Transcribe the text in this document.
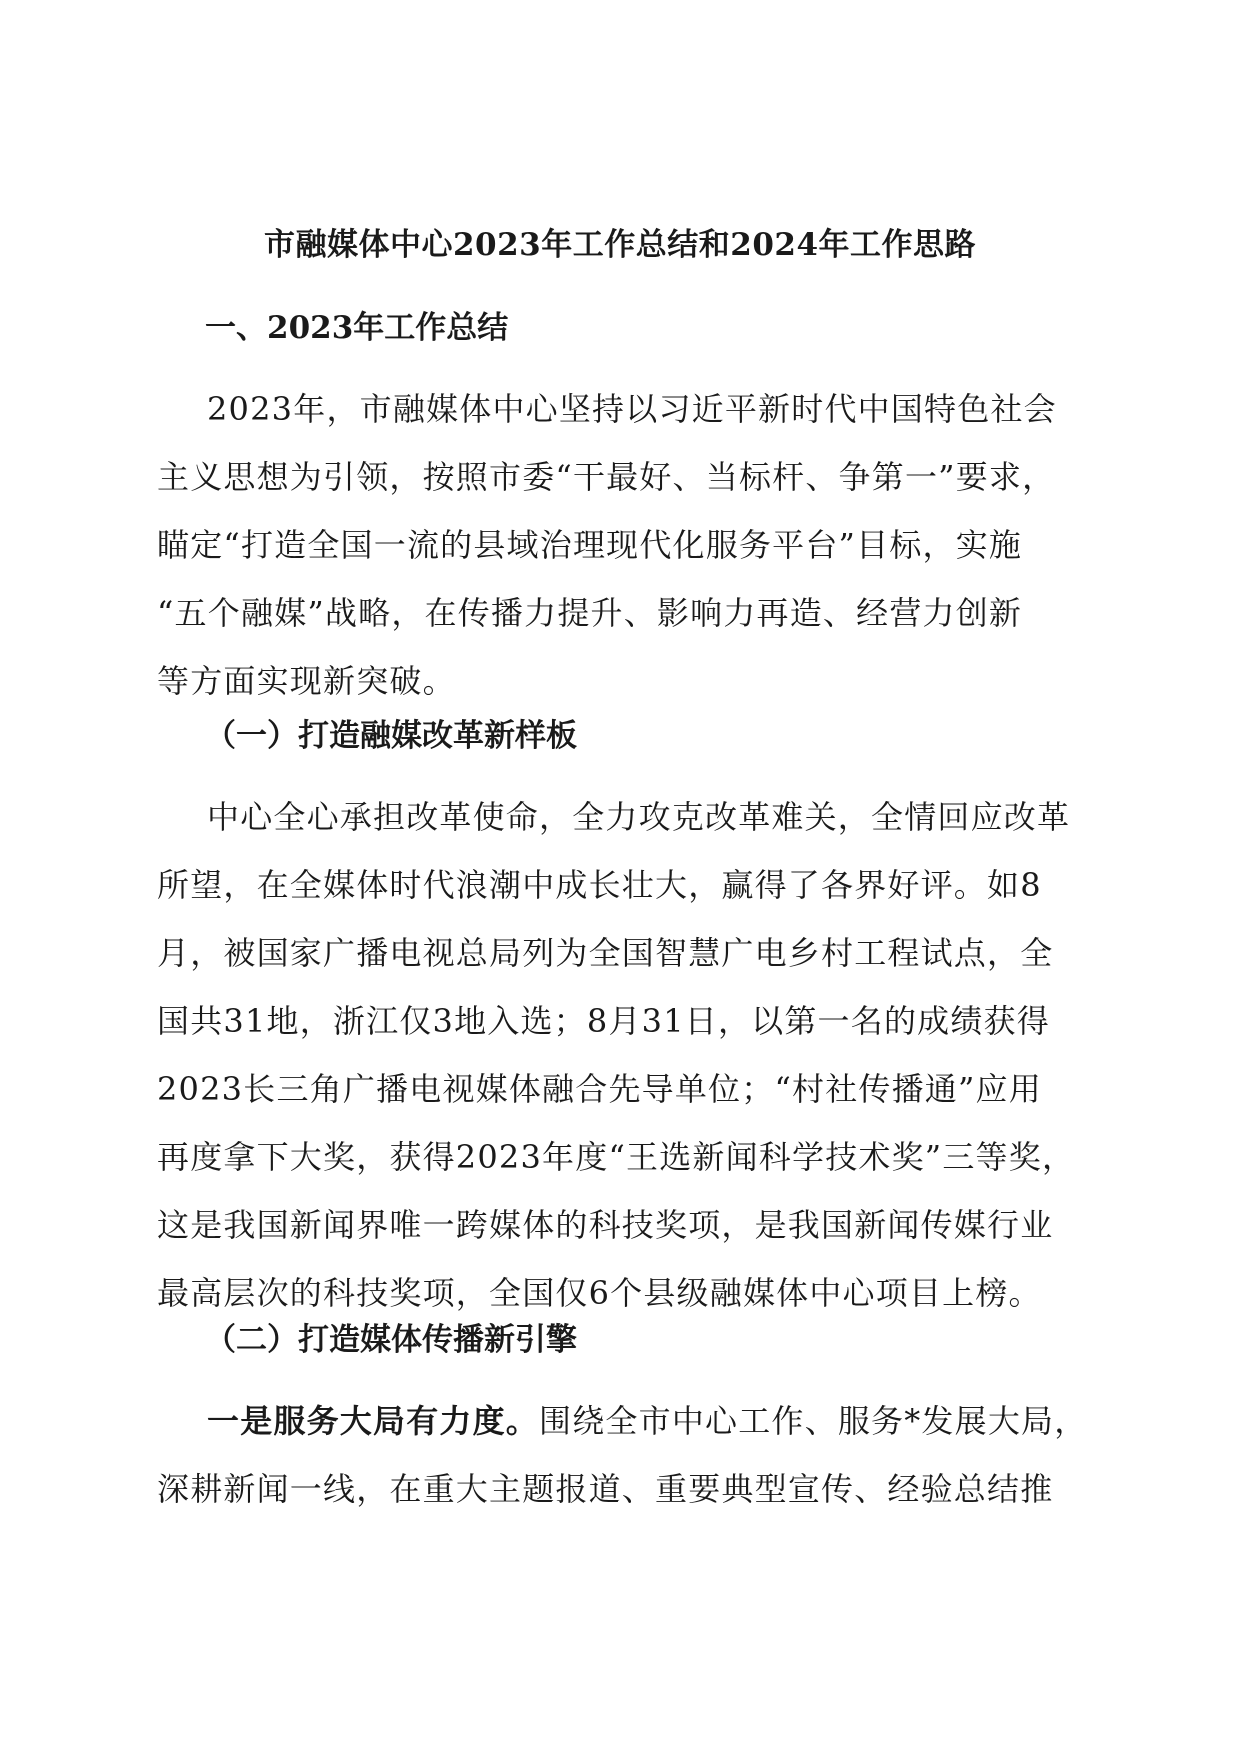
市融媒体中心2023年工作总结和2024年工作思路
一、2023年工作总结
2023年，市融媒体中心坚持以习近平新时代中国特色社会
主义思想为引领，按照市委“干最好、当标杆、争第一”要求，
瞄定“打造全国一流的县域治理现代化服务平台”目标，实施
“五个融媒”战略，在传播力提升、影响力再造、经营力创新
等方面实现新突破。
（一）打造融媒改革新样板
中心全心承担改革使命，全力攻克改革难关，全情回应改革
所望，在全媒体时代浪潮中成长壮大，赢得了各界好评。如8
月，被国家广播电视总局列为全国智慧广电乡村工程试点，全
国共31地，浙江仅3地入选；8月31日，以第一名的成绩获得
2023长三角广播电视媒体融合先导单位；“村社传播通”应用
再度拿下大奖，获得2023年度“王选新闻科学技术奖”三等奖，
这是我国新闻界唯一跨媒体的科技奖项，是我国新闻传媒行业
最高层次的科技奖项，全国仅6个县级融媒体中心项目上榜。
（二）打造媒体传播新引擎
一是服务大局有力度。围绕全市中心工作、服务*发展大局，
深耕新闻一线，在重大主题报道、重要典型宣传、经验总结推
